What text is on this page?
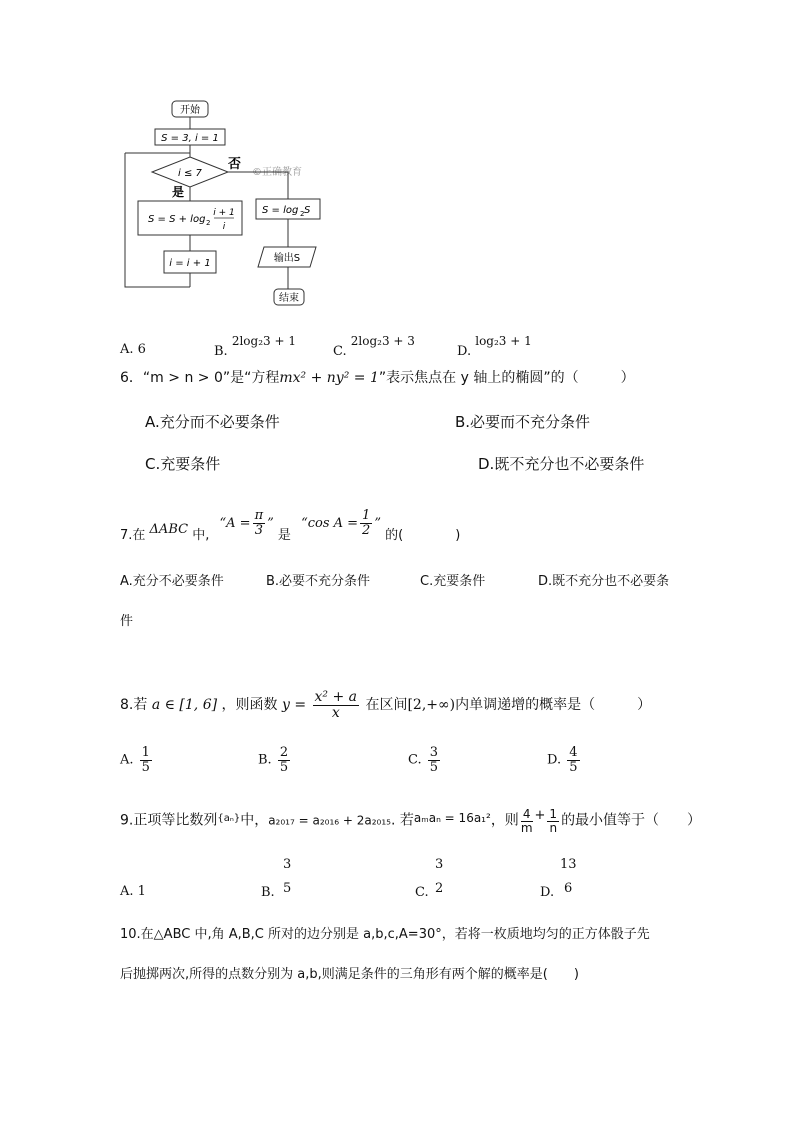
开始
S = 3, i = 1
i ≤ 7
否
©正确教育
是
S = S + log 2
i + 1
i
i = i + 1
S = log 2 S
输出S
结束
A. 6	B. 2log₂3 + 1
C. 2log₂3 + 3
D. log₂3 + 1
6．“m > n > 0”是“方程mx² + ny² = 1”表示焦点在 y 轴上的椭圆”的（　　　）
A.充分而不必要条件	B.必要而不充分条件
C.充要条件	D.既不充分也不必要条件
7.在 ΔABC 中, “$A = \frac{\pi}{3}$ ” 是 “cos $A = \frac{1}{2}$ ” 的(　　　　)
A.充分不必要条件	B.必要不充分条件	C.充要条件	D.既不充分也不必要条
件
8.若 a ∈ [1, 6] ，则函数 $y = \frac{\text{x² + a}}{x}$ 在区间[2,+∞)内单调递增的概率是（　　　）
A. $\frac{1}{5}$	B. $\frac{2}{5}$	C. $\frac{3}{5}$	D. $\frac{4}{5}$
9.正项等比数列$^{\{a_n\}}$中，a₂₀₁₇ = a₂₀₁₆ + 2a₂₀₁₅. 若aₘaₙ = 16a₁²，则 $\frac{4}{m} + \frac{1}{n}$ 的最小值等于（　　）
A. 1
3
B. 5
3
C. 2
13
D. 6
10.在△ABC 中,角 A,B,C 所对的边分别是 a,b,c,A=30°，若将一枚质地均匀的正方体骰子先
后抛掷两次,所得的点数分别为 a,b,则满足条件的三角形有两个解的概率是(　　)
